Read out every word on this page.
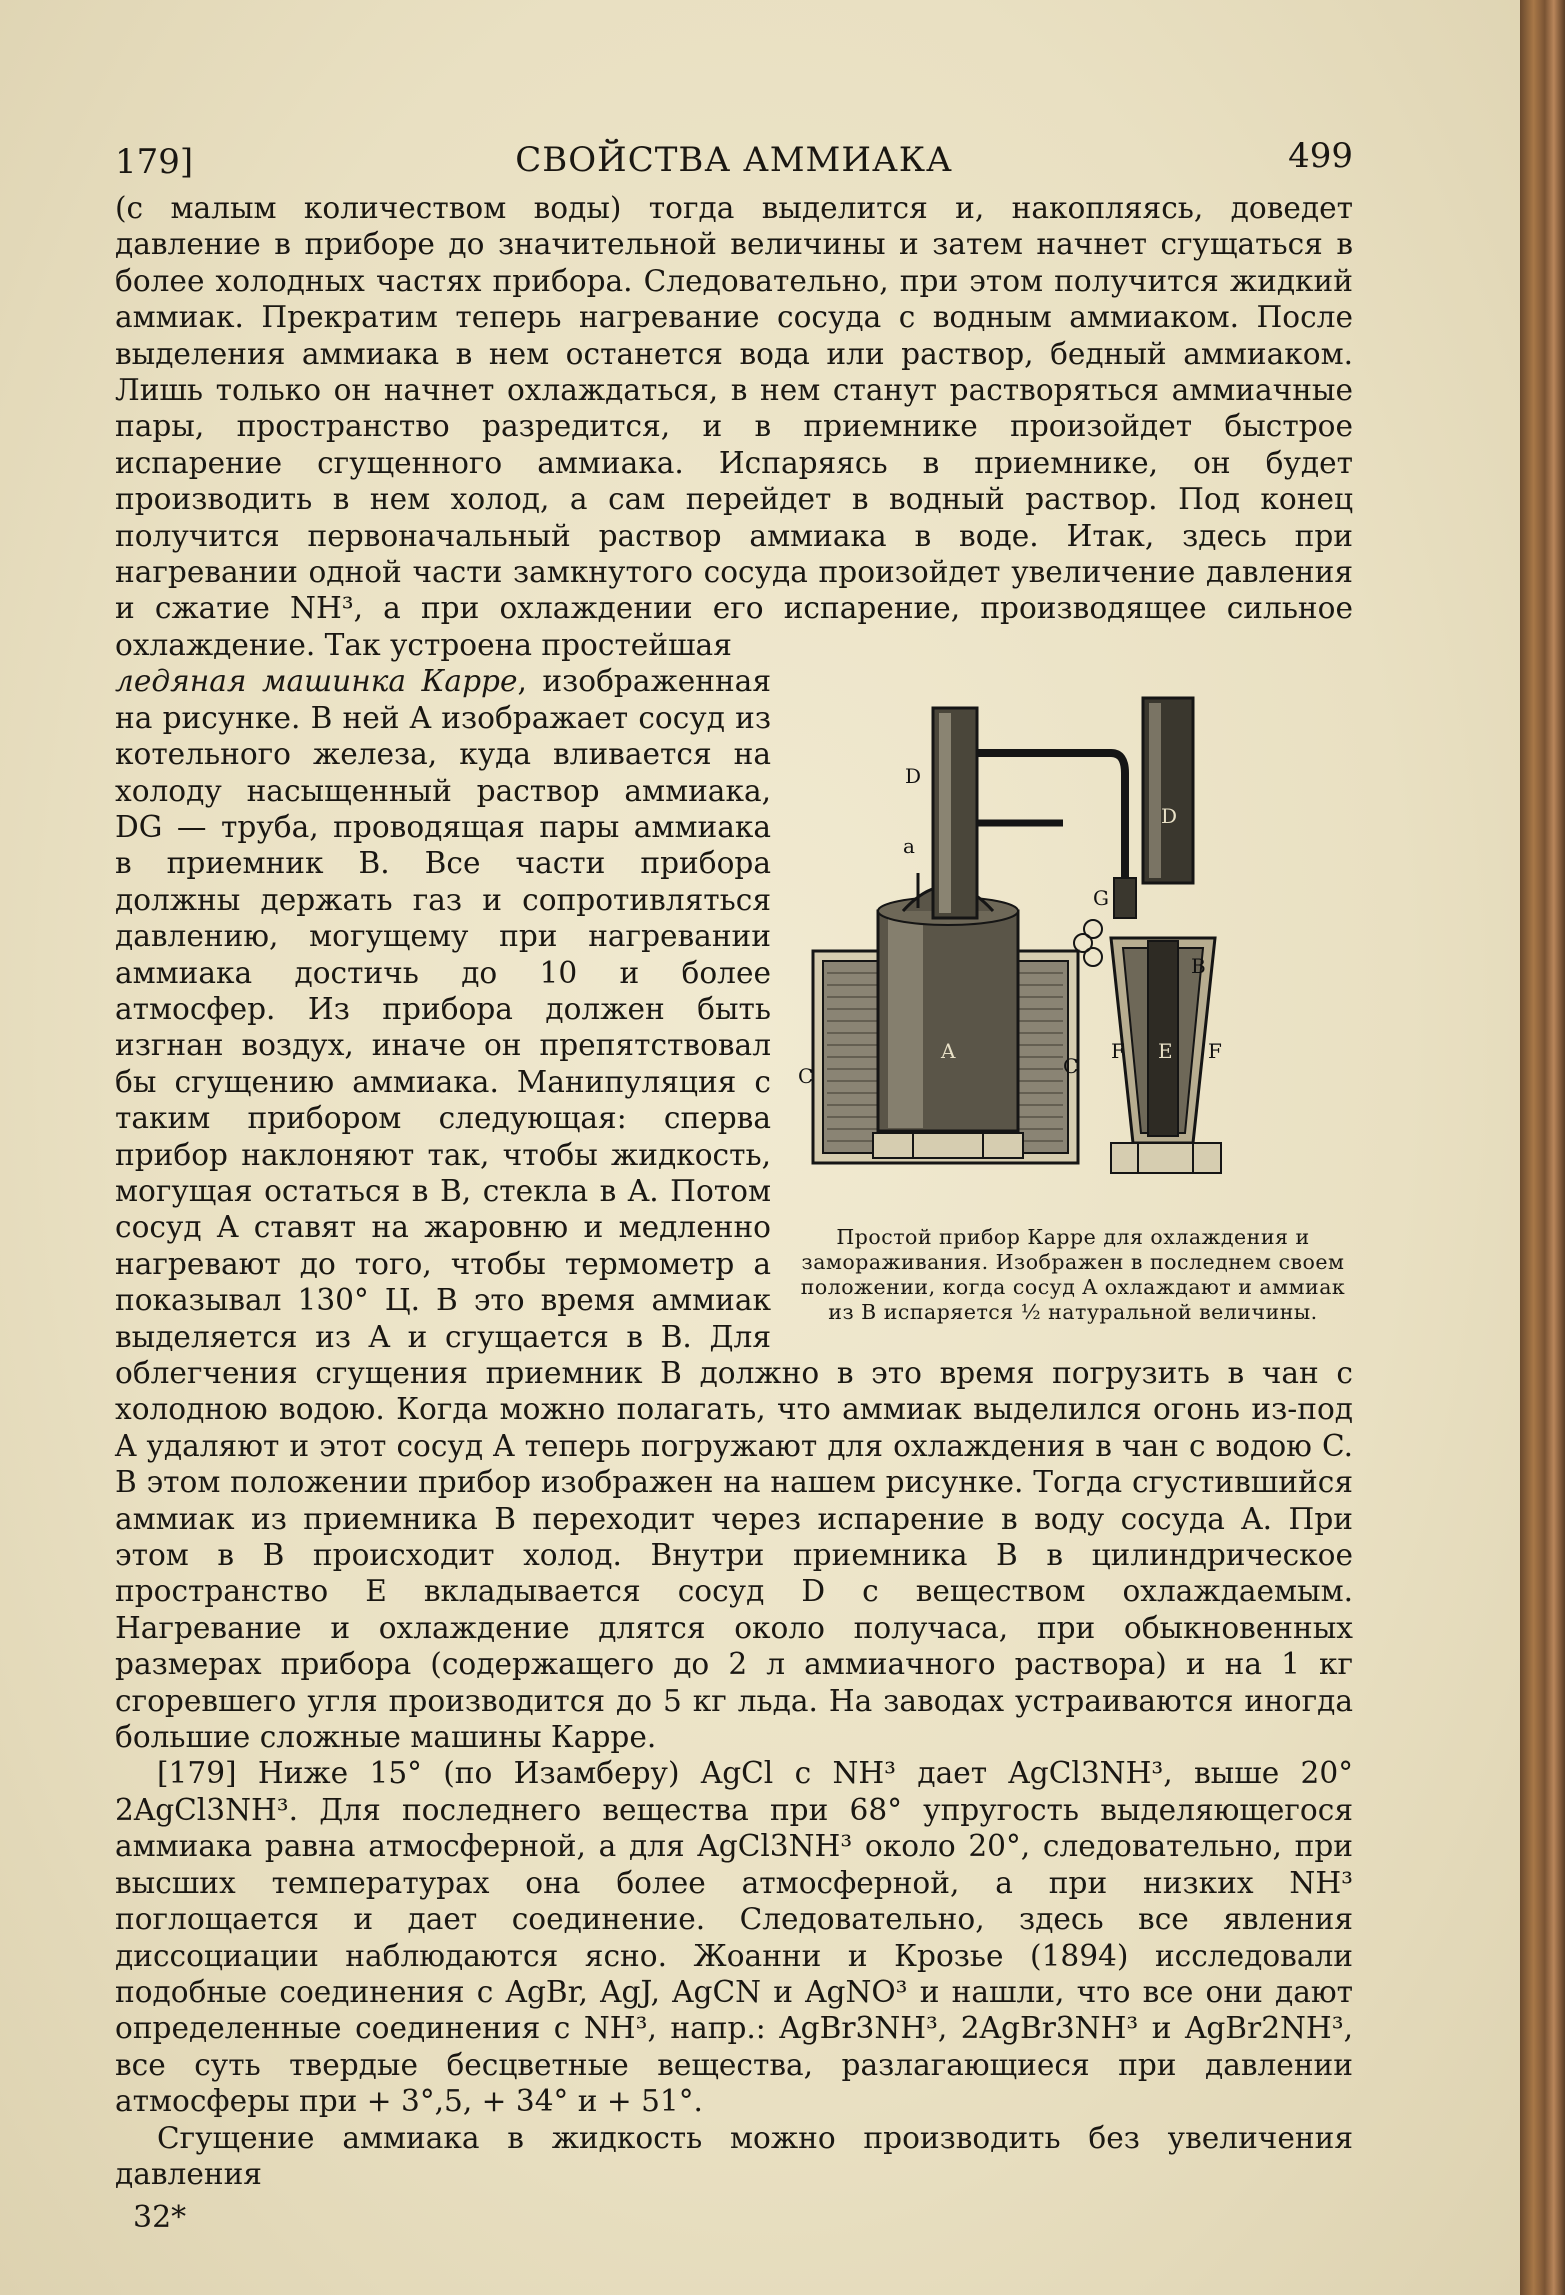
179]	СВОЙСТВА АММИАКА	499

(с малым количеством воды) тогда выделится и, накопляясь, доведет давление в приборе до значительной величины и затем начнет сгущаться в более холодных частях прибора. Следовательно, при этом получится жидкий аммиак. Прекратим теперь нагревание сосуда с водным аммиаком. После выделения аммиака в нем останется вода или раствор, бедный аммиаком. Лишь только он начнет охлаждаться, в нем станут растворяться аммиачные пары, пространство разредится, и в приемнике произойдет быстрое испарение сгущенного аммиака. Испаряясь в приемнике, он будет производить в нем холод, а сам перейдет в водный раствор. Под конец получится первоначальный раствор аммиака в воде. Итак, здесь при нагревании одной части замкнутого сосуда произойдет увеличение давления и сжатие NH³, а при охлаждении его испарение, производящее сильное охлаждение. Так устроена простейшая

D
D
a
A
G
B
E
F	F
C	C
Простой прибор Карре для охлаждения и замораживания. Изображен в последнем своем положении, когда сосуд A охлаждают и аммиак из B испаряется ½ натуральной величины.
ледяная машинка Карре, изображенная на рисунке. В ней A изображает сосуд из котельного железа, куда вливается на холоду насыщенный раствор аммиака, DG — труба, проводящая пары аммиака в приемник B. Все части прибора должны держать газ и сопротивляться давлению, могущему при нагревании аммиака достичь до 10 и более атмосфер. Из прибора должен быть изгнан воздух, иначе он препятствовал бы сгущению аммиака. Манипуляция с таким прибором следующая: сперва прибор наклоняют так, чтобы жидкость, могущая остаться в B, стекла в A. Потом сосуд A ставят на жаровню и медленно нагревают до того, чтобы термометр a показывал 130° Ц. В это время аммиак выделяется из A и сгущается в B. Для облегчения сгущения приемник B должно в это время погрузить в чан с холодною водою. Когда можно полагать, что аммиак выделился огонь из-под A удаляют и этот сосуд A теперь погружают для охлаждения в чан с водою C. В этом положении прибор изображен на нашем рисунке. Тогда сгустившийся аммиак из приемника B переходит через испарение в воду сосуда A. При этом в B происходит холод. Внутри приемника B в цилиндрическое пространство E вкладывается сосуд D с веществом охлаждаемым. Нагревание и охлаждение длятся около получаса, при обыкновенных размерах прибора (содержащего до 2 л аммиачного раствора) и на 1 кг сгоревшего угля производится до 5 кг льда. На заводах устраиваются иногда большие сложные машины Карре.

[179] Ниже 15° (по Изамберу) AgCl с NH³ дает AgCl3NH³, выше 20° 2AgCl3NH³. Для последнего вещества при 68° упругость выделяющегося аммиака равна атмосферной, а для AgCl3NH³ около 20°, следовательно, при высших температурах она более атмосферной, а при низких NH³ поглощается и дает соединение. Следовательно, здесь все явления диссоциации наблюдаются ясно. Жоанни и Крозье (1894) исследовали подобные соединения с AgBr, AgJ, AgCN и AgNO³ и нашли, что все они дают определенные соединения с NH³, напр.: AgBr3NH³, 2AgBr3NH³ и AgBr2NH³, все суть твердые бесцветные вещества, разлагающиеся при давлении атмосферы при + 3°,5, + 34° и + 51°.

Сгущение аммиака в жидкость можно производить без увеличения давления

32*
